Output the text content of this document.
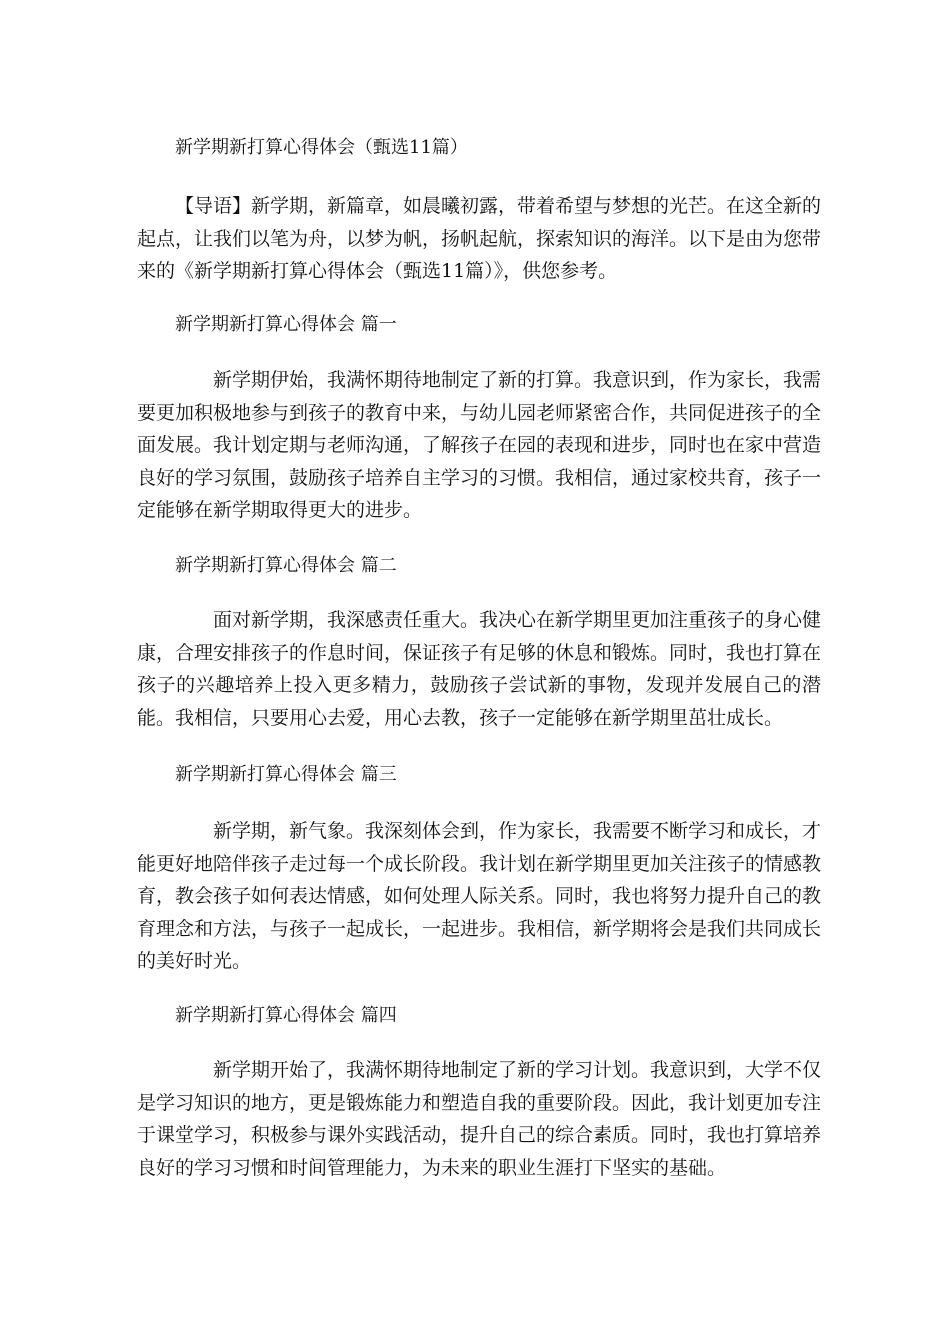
新学期新打算心得体会（甄选11篇）
【导语】新学期，新篇章，如晨曦初露，带着希望与梦想的光芒。在这全新的起点，让我们以笔为舟，以梦为帆，扬帆起航，探索知识的海洋。以下是由为您带来的《新学期新打算心得体会（甄选11篇）》，供您参考。
新学期新打算心得体会 篇一
新学期伊始，我满怀期待地制定了新的打算。我意识到，作为家长，我需要更加积极地参与到孩子的教育中来，与幼儿园老师紧密合作，共同促进孩子的全面发展。我计划定期与老师沟通，了解孩子在园的表现和进步，同时也在家中营造良好的学习氛围，鼓励孩子培养自主学习的习惯。我相信，通过家校共育，孩子一定能够在新学期取得更大的进步。
新学期新打算心得体会 篇二
面对新学期，我深感责任重大。我决心在新学期里更加注重孩子的身心健康，合理安排孩子的作息时间，保证孩子有足够的休息和锻炼。同时，我也打算在孩子的兴趣培养上投入更多精力，鼓励孩子尝试新的事物，发现并发展自己的潜能。我相信，只要用心去爱，用心去教，孩子一定能够在新学期里茁壮成长。
新学期新打算心得体会 篇三
新学期，新气象。我深刻体会到，作为家长，我需要不断学习和成长，才能更好地陪伴孩子走过每一个成长阶段。我计划在新学期里更加关注孩子的情感教育，教会孩子如何表达情感，如何处理人际关系。同时，我也将努力提升自己的教育理念和方法，与孩子一起成长，一起进步。我相信，新学期将会是我们共同成长的美好时光。
新学期新打算心得体会 篇四
新学期开始了，我满怀期待地制定了新的学习计划。我意识到，大学不仅是学习知识的地方，更是锻炼能力和塑造自我的重要阶段。因此，我计划更加专注于课堂学习，积极参与课外实践活动，提升自己的综合素质。同时，我也打算培养良好的学习习惯和时间管理能力，为未来的职业生涯打下坚实的基础。
